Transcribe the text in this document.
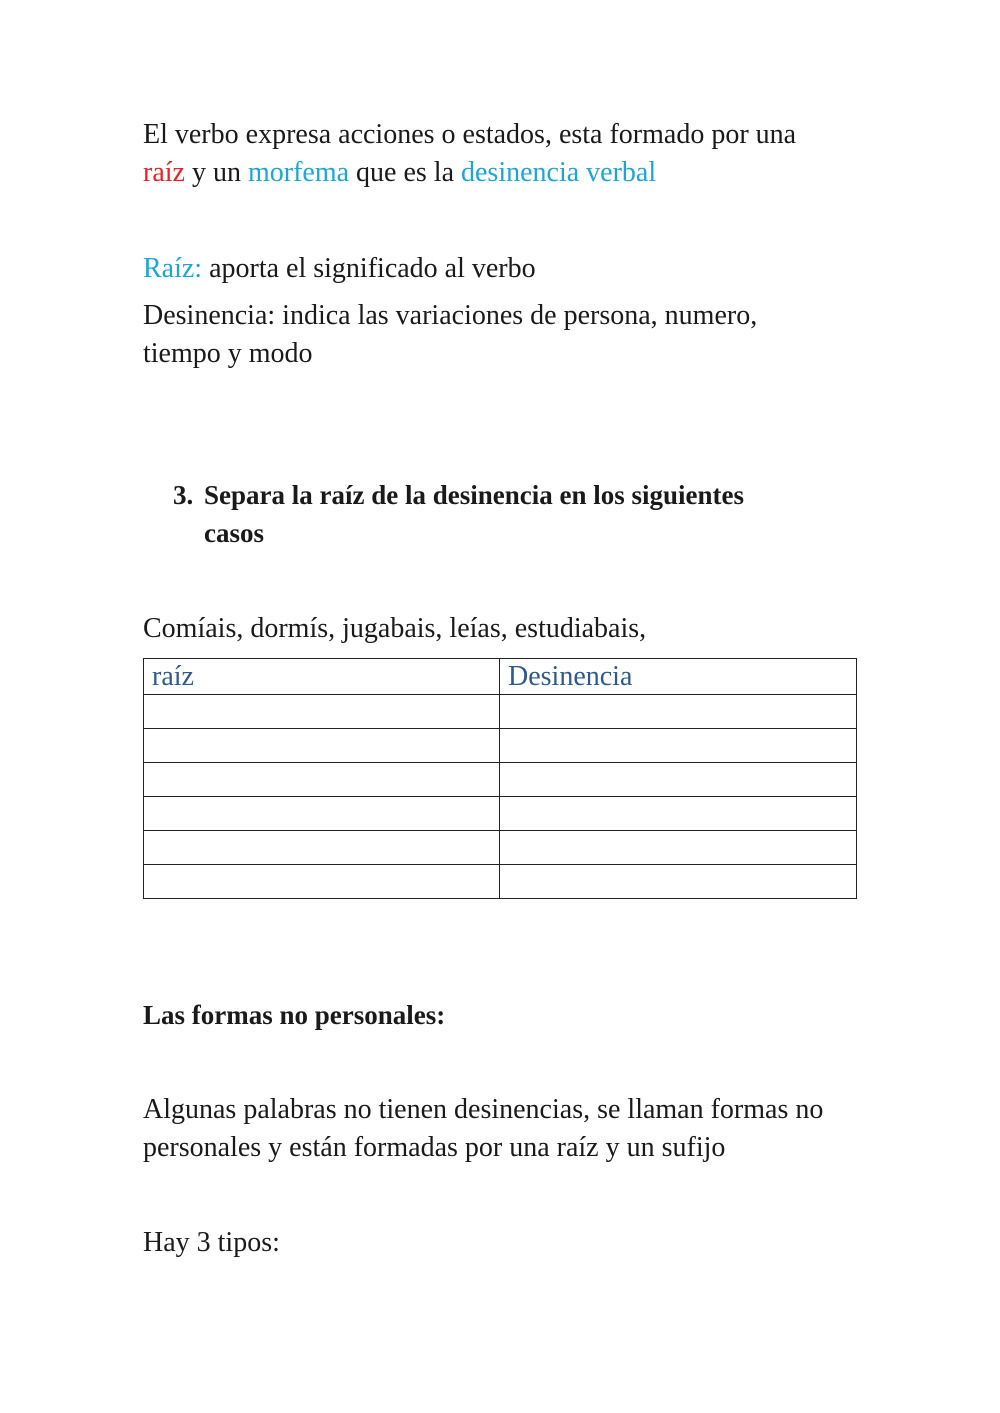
El verbo expresa acciones o estados, esta formado por una
raíz y un morfema que es la desinencia verbal
Raíz: aporta el significado al verbo
Desinencia: indica las variaciones de persona, numero,
tiempo y modo
3. Separa la raíz de la desinencia en los siguientes
casos
Comíais, dormís, jugabais, leías, estudiabais,
raíz	Desinencia

Las formas no personales:
Algunas palabras no tienen desinencias, se llaman formas no
personales y están formadas por una raíz y un sufijo
Hay 3 tipos:
